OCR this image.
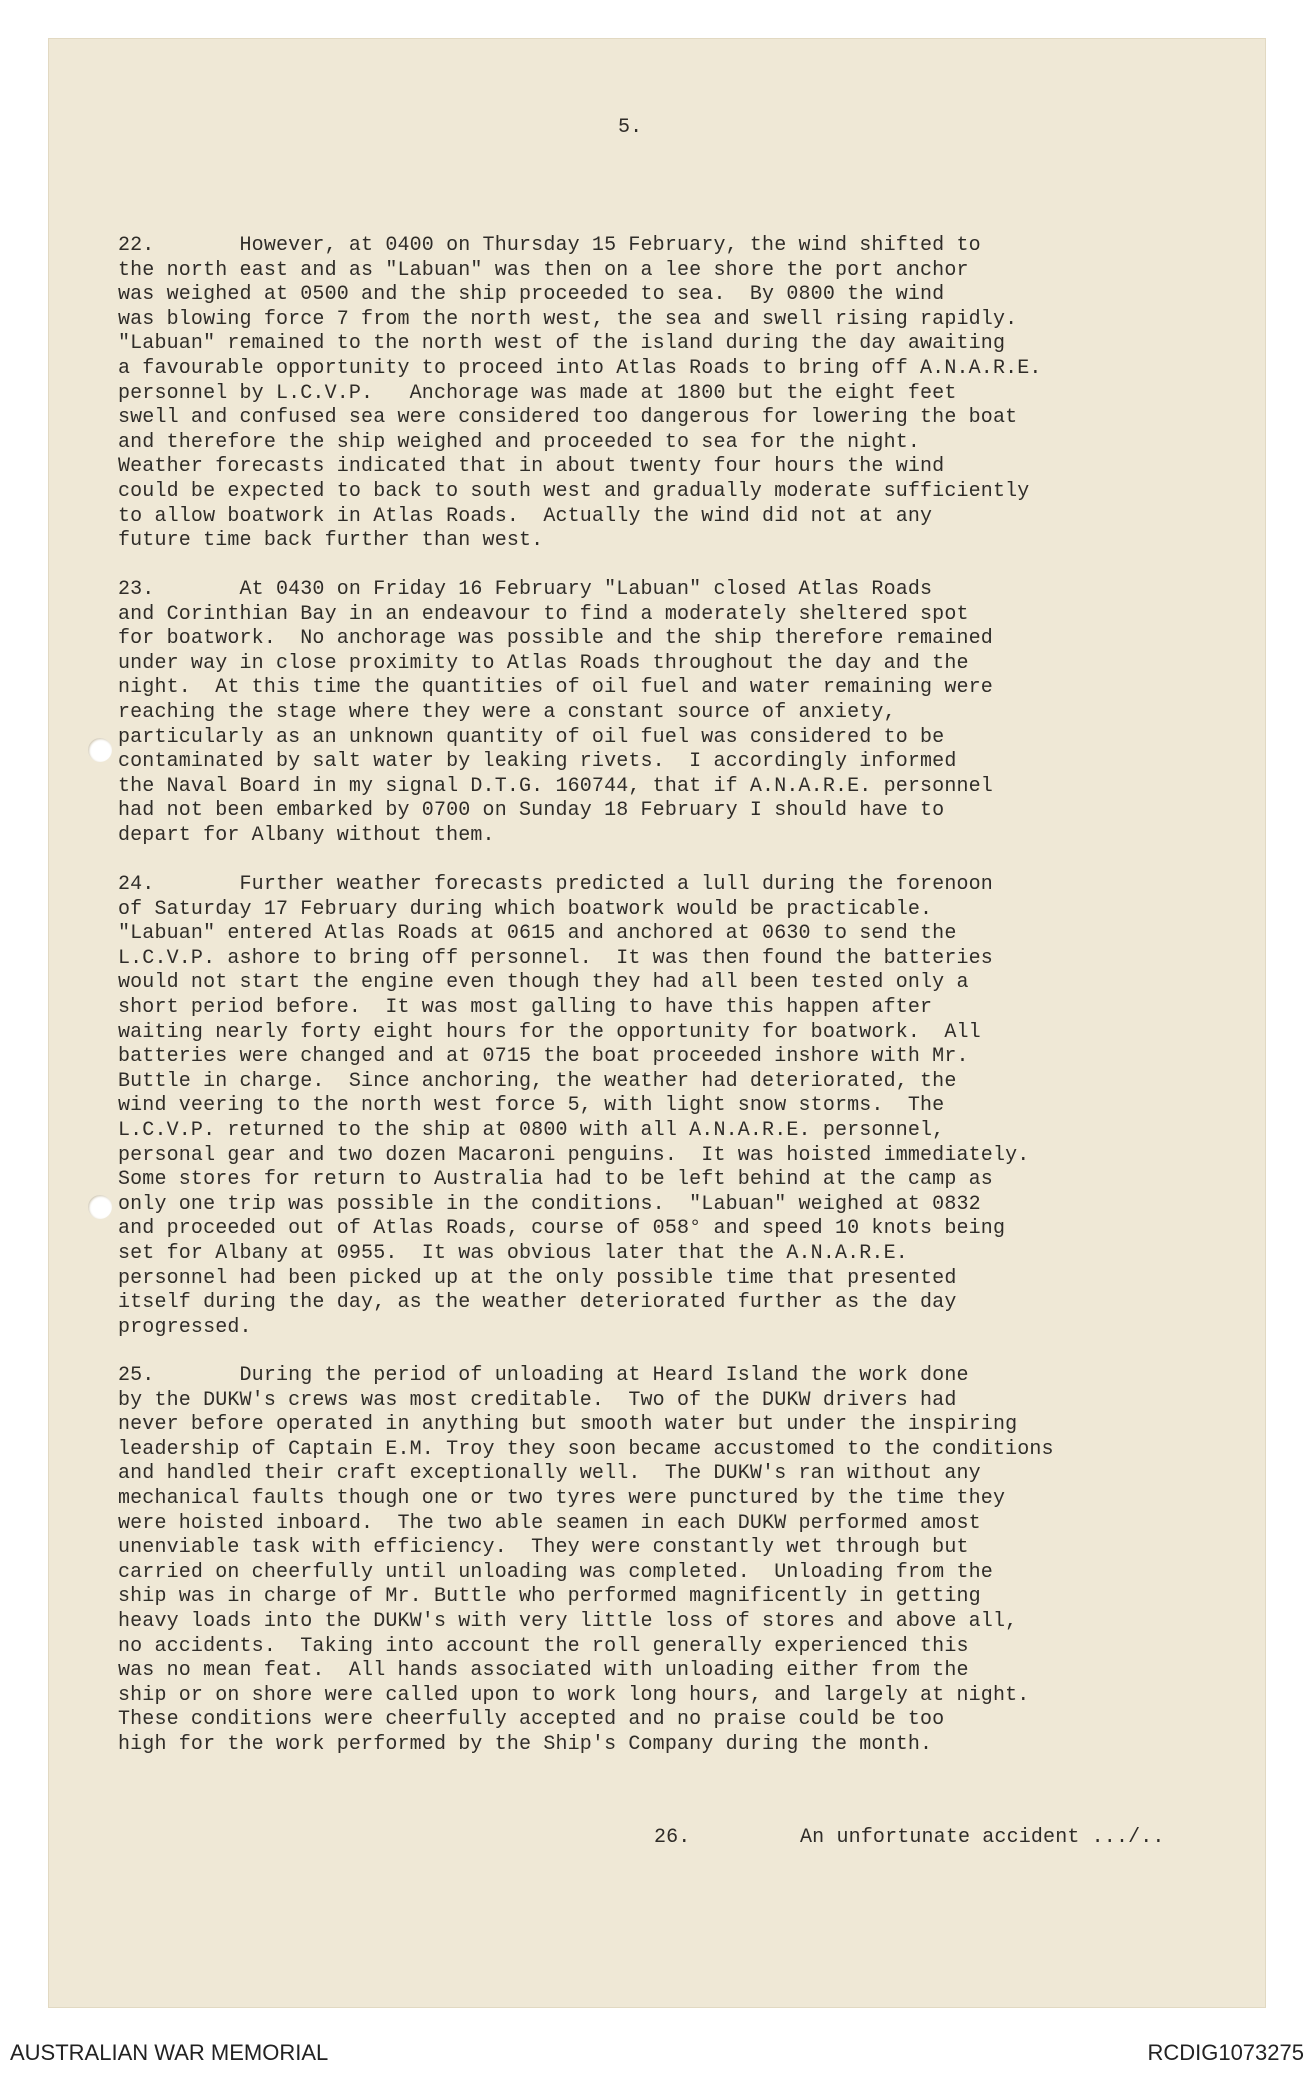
5.
22.       However, at 0400 on Thursday 15 February, the wind shifted to
the north east and as "Labuan" was then on a lee shore the port anchor
was weighed at 0500 and the ship proceeded to sea.  By 0800 the wind
was blowing force 7 from the north west, the sea and swell rising rapidly.
"Labuan" remained to the north west of the island during the day awaiting
a favourable opportunity to proceed into Atlas Roads to bring off A.N.A.R.E.
personnel by L.C.V.P.   Anchorage was made at 1800 but the eight feet
swell and confused sea were considered too dangerous for lowering the boat
and therefore the ship weighed and proceeded to sea for the night.
Weather forecasts indicated that in about twenty four hours the wind
could be expected to back to south west and gradually moderate sufficiently
to allow boatwork in Atlas Roads.  Actually the wind did not at any
future time back further than west.
23.       At 0430 on Friday 16 February "Labuan" closed Atlas Roads
and Corinthian Bay in an endeavour to find a moderately sheltered spot
for boatwork.  No anchorage was possible and the ship therefore remained
under way in close proximity to Atlas Roads throughout the day and the
night.  At this time the quantities of oil fuel and water remaining were
reaching the stage where they were a constant source of anxiety,
particularly as an unknown quantity of oil fuel was considered to be
contaminated by salt water by leaking rivets.  I accordingly informed
the Naval Board in my signal D.T.G. 160744, that if A.N.A.R.E. personnel
had not been embarked by 0700 on Sunday 18 February I should have to
depart for Albany without them.
24.       Further weather forecasts predicted a lull during the forenoon
of Saturday 17 February during which boatwork would be practicable.
"Labuan" entered Atlas Roads at 0615 and anchored at 0630 to send the
L.C.V.P. ashore to bring off personnel.  It was then found the batteries
would not start the engine even though they had all been tested only a
short period before.  It was most galling to have this happen after
waiting nearly forty eight hours for the opportunity for boatwork.  All
batteries were changed and at 0715 the boat proceeded inshore with Mr.
Buttle in charge.  Since anchoring, the weather had deteriorated, the
wind veering to the north west force 5, with light snow storms.  The
L.C.V.P. returned to the ship at 0800 with all A.N.A.R.E. personnel,
personal gear and two dozen Macaroni penguins.  It was hoisted immediately.
Some stores for return to Australia had to be left behind at the camp as
only one trip was possible in the conditions.  "Labuan" weighed at 0832
and proceeded out of Atlas Roads, course of 058° and speed 10 knots being
set for Albany at 0955.  It was obvious later that the A.N.A.R.E.
personnel had been picked up at the only possible time that presented
itself during the day, as the weather deteriorated further as the day
progressed.
25.       During the period of unloading at Heard Island the work done
by the DUKW's crews was most creditable.  Two of the DUKW drivers had
never before operated in anything but smooth water but under the inspiring
leadership of Captain E.M. Troy they soon became accustomed to the conditions
and handled their craft exceptionally well.  The DUKW's ran without any
mechanical faults though one or two tyres were punctured by the time they
were hoisted inboard.  The two able seamen in each DUKW performed amost
unenviable task with efficiency.  They were constantly wet through but
carried on cheerfully until unloading was completed.  Unloading from the
ship was in charge of Mr. Buttle who performed magnificently in getting
heavy loads into the DUKW's with very little loss of stores and above all,
no accidents.  Taking into account the roll generally experienced this
was no mean feat.  All hands associated with unloading either from the
ship or on shore were called upon to work long hours, and largely at night.
These conditions were cheerfully accepted and no praise could be too
high for the work performed by the Ship's Company during the month.
26.	An unfortunate accident .../..
AUSTRALIAN WAR MEMORIAL	RCDIG1073275
